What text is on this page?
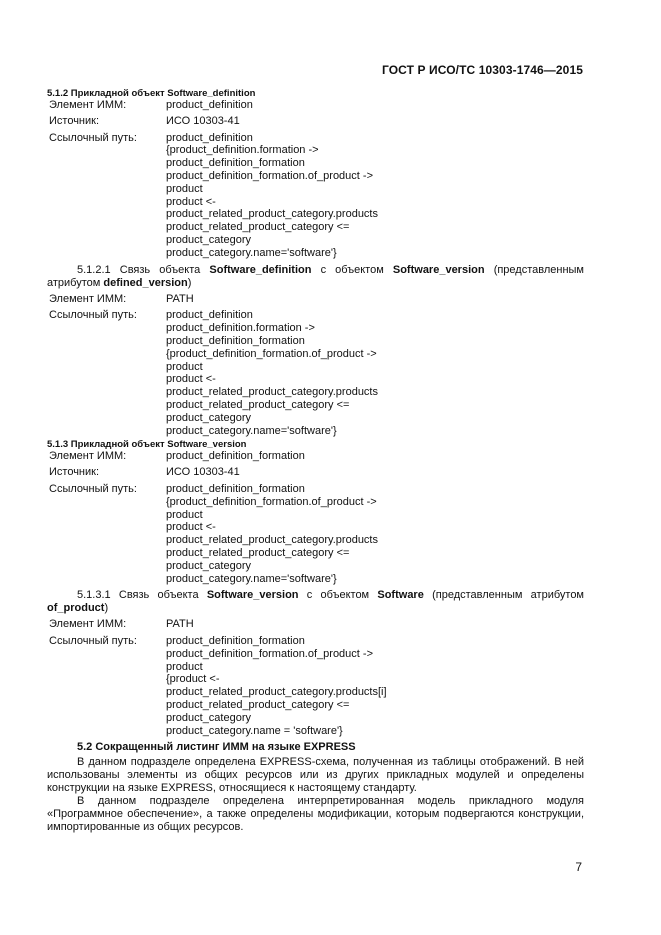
ГОСТ Р ИСО/ТС 10303-1746—2015
5.1.2 Прикладной объект Software_definition
Элемент ИММ:	product_definition
Источник:	ИСО 10303-41
Ссылочный путь:	product_definition
{product_definition.formation ->
product_definition_formation
product_definition_formation.of_product ->
product
product <-
product_related_product_category.products
product_related_product_category <=
product_category
product_category.name='software'}
5.1.2.1 Связь объекта Software_definition с объектом Software_version (представленным атрибутом defined_version)
Элемент ИММ:	PATH
Ссылочный путь:	product_definition
product_definition.formation ->
product_definition_formation
{product_definition_formation.of_product ->
product
product <-
product_related_product_category.products
product_related_product_category <=
product_category
product_category.name='software'}
5.1.3 Прикладной объект Software_version
Элемент ИММ:	product_definition_formation
Источник:	ИСО 10303-41
Ссылочный путь:	product_definition_formation
{product_definition_formation.of_product ->
product
product <-
product_related_product_category.products
product_related_product_category <=
product_category
product_category.name='software'}
5.1.3.1 Связь объекта Software_version с объектом Software (представленным атрибутом of_product)
Элемент ИММ:	PATH
Ссылочный путь:	product_definition_formation
product_definition_formation.of_product ->
product
{product <-
product_related_product_category.products[i]
product_related_product_category <=
product_category
product_category.name = 'software'}
5.2 Сокращенный листинг ИММ на языке EXPRESS
В данном подразделе определена EXPRESS-схема, полученная из таблицы отображений. В ней использованы элементы из общих ресурсов или из других прикладных модулей и определены конструкции на языке EXPRESS, относящиеся к настоящему стандарту.
В данном подразделе определена интерпретированная модель прикладного модуля «Программное обеспечение», а также определены модификации, которым подвергаются конструкции, импортированные из общих ресурсов.
7
